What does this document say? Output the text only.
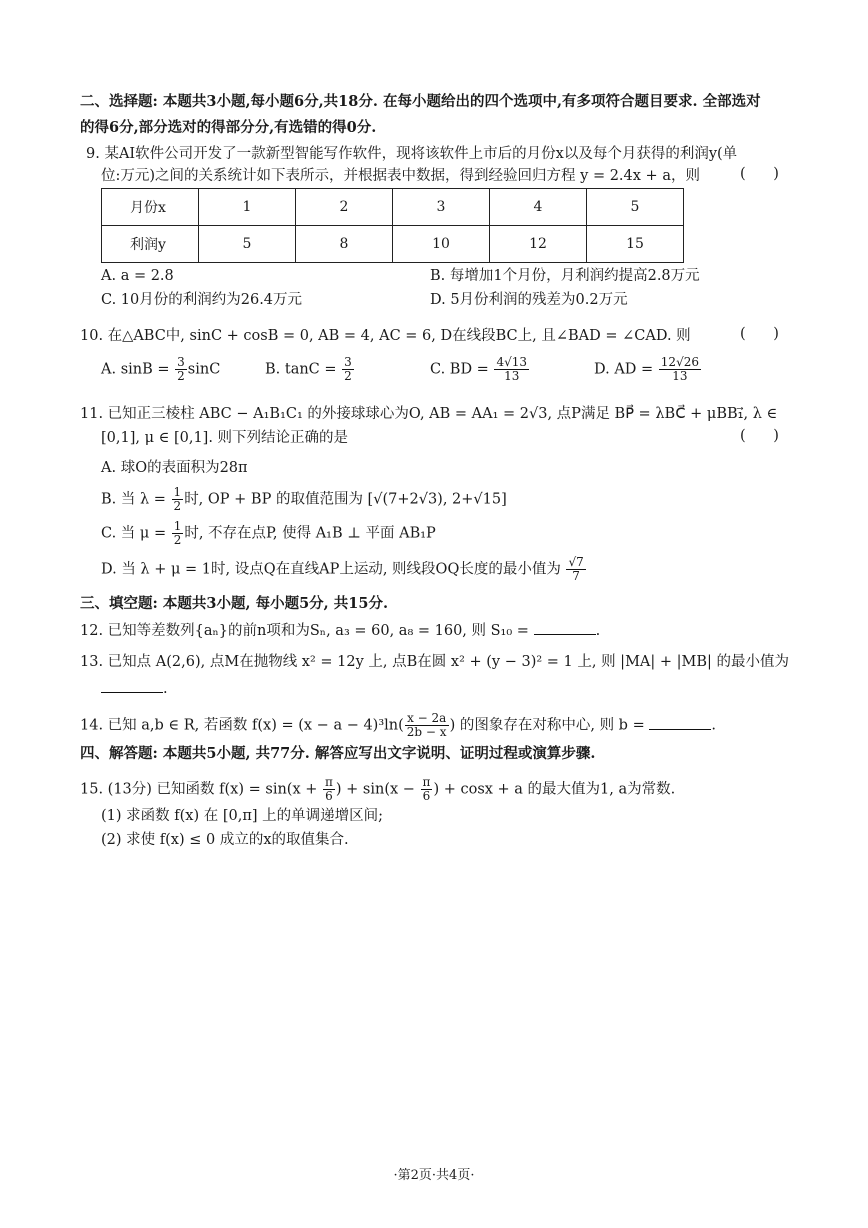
二、选择题: 本题共3小题,每小题6分,共18分. 在每小题给出的四个选项中,有多项符合题目要求. 全部选对
的得6分,部分选对的得部分分,有选错的得0分.
9. 某AI软件公司开发了一款新型智能写作软件，现将该软件上市后的月份x以及每个月获得的利润y(单
位:万元)之间的关系统计如下表所示，并根据表中数据，得到经验回归方程 y = 2.4x + a，则	(      )
月份x	1	2	3	4	5
利润y	5	8	10	12	15
A. a = 2.8	B. 每增加1个月份，月利润约提高2.8万元
C. 10月份的利润约为26.4万元	D. 5月份利润的残差为0.2万元
10. 在△ABC中, sinC + cosB = 0, AB = 4, AC = 6, D在线段BC上, 且∠BAD = ∠CAD. 则	(      )
A. $\sin B = \frac{3}{2}$ sinC	B. $\tan C = \frac{3}{2}$	C. BD = $\frac{4√13}{13}$	D. AD = $\frac{12√26}{13}$
11. 已知正三棱柱 ABC − A₁B₁C₁ 的外接球球心为O, AB = AA₁ = 2√3, 点P满足 BP⃗ = λBC⃗ + μBB₁⃗, λ ∈
[0,1], μ ∈ [0,1]. 则下列结论正确的是	(      )
A. 球O的表面积为28π
B. 当 $\lambda = \frac{1}{2}$ 时, OP + BP 的取值范围为 [√(7+2√3), 2+√15]
C. 当 $\mu = \frac{1}{2}$ 时, 不存在点P, 使得 A₁B ⊥ 平面 AB₁P
D. 当 λ + μ = 1时, 设点Q在直线AP上运动, 则线段OQ长度的最小值为 $\frac{√7}{7}$
三、填空题: 本题共3小题, 每小题5分, 共15分.
12. 已知等差数列{aₙ}的前n项和为Sₙ, a₃ = 60, a₈ = 160, 则 S₁₀ =	.
13. 已知点 A(2,6), 点M在抛物线 x² = 12y 上, 点B在圆 x² + (y − 3)² = 1 上, 则 |MA| + |MB| 的最小值为
.
14. 已知 a,b ∈ R, 若函数 $f(x) = (x - a - 4)^3\ln( \frac{x - 2a}{2b - x}$ ) 的图象存在对称中心, 则 b =	.
四、解答题: 本题共5小题, 共77分. 解答应写出文字说明、证明过程或演算步骤.
15. (13分) 已知函数 $f(x) = \sin(x + \frac{\pi}{6}$ ) + $\sin(x - \frac{\pi}{6}$ ) + cosx + a 的最大值为1, a为常数.
(1) 求函数 f(x) 在 [0,π] 上的单调递增区间;
(2) 求使 f(x) ≤ 0 成立的x的取值集合.
·第2页·共4页·
